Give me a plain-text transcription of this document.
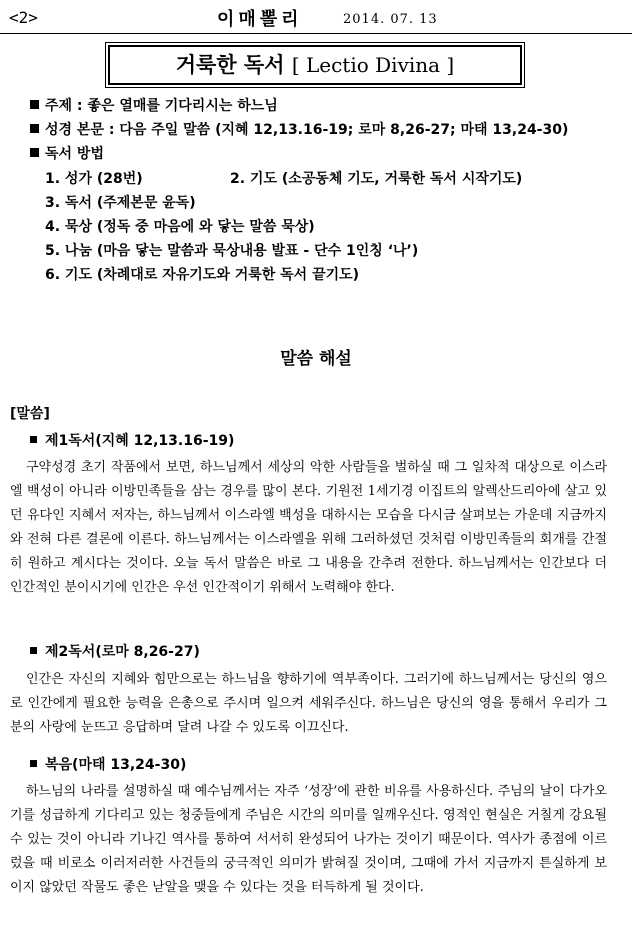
<2>	이매뽈리	2014. 07. 13
거룩한 독서 [ Lectio Divina ]
주제 : 좋은 열매를 기다리시는 하느님
성경 본문 : 다음 주일 말씀 (지혜 12,13.16-19; 로마 8,26-27; 마태 13,24-30)
독서 방법
1. 성가 (28번)	2. 기도 (소공동체 기도, 거룩한 독서 시작기도)
3. 독서 (주제본문 윤독)
4. 묵상 (정독 중 마음에 와 닿는 말씀 묵상)
5. 나눔 (마음 닿는 말씀과 묵상내용 발표 - 단수 1인칭 ‘나’)
6. 기도 (차례대로 자유기도와 거룩한 독서 끝기도)
말씀 해설
[말씀]
제1독서(지혜 12,13.16-19)
구약성경 초기 작품에서 보면, 하느님께서 세상의 악한 사람들을 벌하실 때 그 일차적 대상으로 이스라엘 백성이 아니라 이방민족들을 삼는 경우를 많이 본다. 기원전 1세기경 이집트의 알렉산드리아에 살고 있던 유다인 지혜서 저자는, 하느님께서 이스라엘 백성을 대하시는 모습을 다시금 살펴보는 가운데 지금까지와 전혀 다른 결론에 이른다. 하느님께서는 이스라엘을 위해 그러하셨던 것처럼 이방민족들의 회개를 간절히 원하고 계시다는 것이다. 오늘 독서 말씀은 바로 그 내용을 간추려 전한다. 하느님께서는 인간보다 더 인간적인 분이시기에 인간은 우선 인간적이기 위해서 노력해야 한다.
제2독서(로마 8,26-27)
인간은 자신의 지혜와 힘만으로는 하느님을 향하기에 역부족이다. 그러기에 하느님께서는 당신의 영으로 인간에게 필요한 능력을 은총으로 주시며 일으켜 세워주신다. 하느님은 당신의 영을 통해서 우리가 그분의 사랑에 눈뜨고 응답하며 달려 나갈 수 있도록 이끄신다.
복음(마태 13,24-30)
하느님의 나라를 설명하실 때 예수님께서는 자주 ‘성장’에 관한 비유를 사용하신다. 주님의 날이 다가오기를 성급하게 기다리고 있는 청중들에게 주님은 시간의 의미를 일깨우신다. 영적인 현실은 거칠게 강요될 수 있는 것이 아니라 기나긴 역사를 통하여 서서히 완성되어 나가는 것이기 때문이다. 역사가 종점에 이르렀을 때 비로소 이러저러한 사건들의 궁극적인 의미가 밝혀질 것이며, 그때에 가서 지금까지 튼실하게 보이지 않았던 작물도 좋은 낟알을 맺을 수 있다는 것을 터득하게 될 것이다.
